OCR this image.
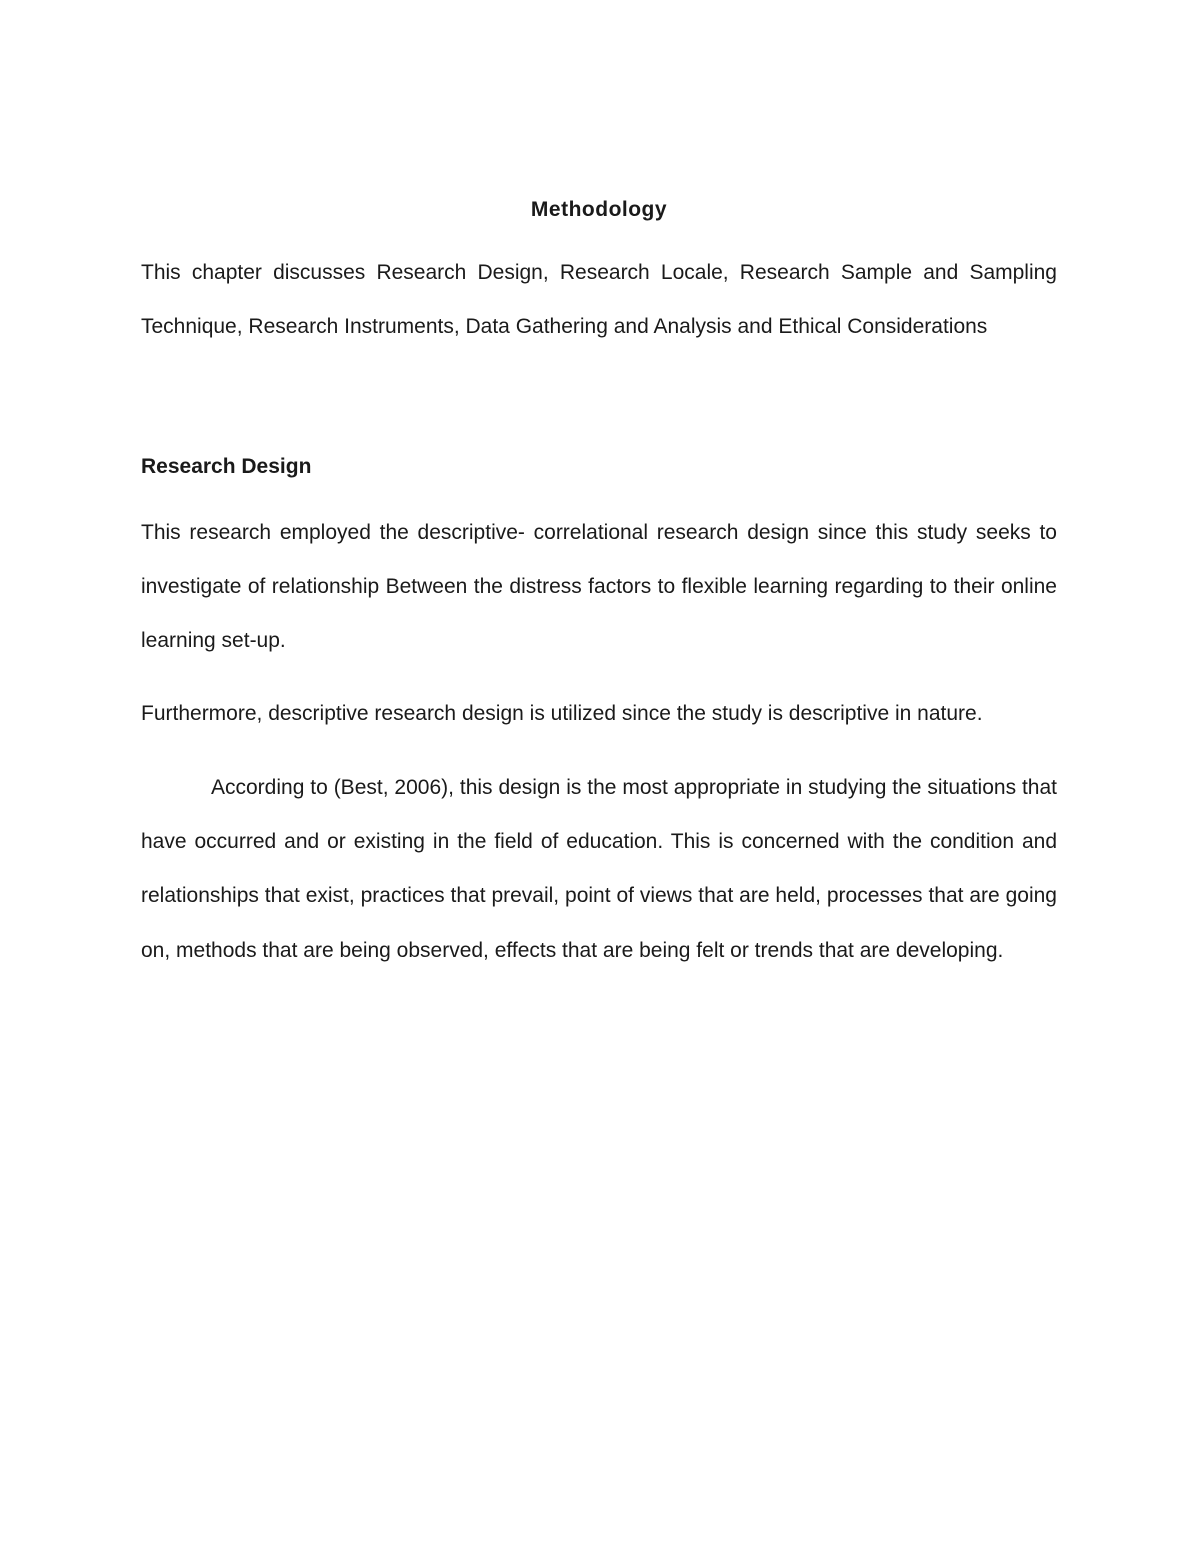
Methodology

This chapter discusses Research Design, Research Locale, Research Sample and Sampling Technique, Research Instruments, Data Gathering and Analysis and Ethical Considerations

Research Design

This research employed the descriptive- correlational research design since this study seeks to investigate of relationship Between the distress factors to flexible learning regarding to their online learning set-up.

Furthermore, descriptive research design is utilized since the study is descriptive in nature.

According to (Best, 2006), this design is the most appropriate in studying the situations that have occurred and or existing in the field of education. This is concerned with the condition and relationships that exist, practices that prevail, point of views that are held, processes that are going on, methods that are being observed, effects that are being felt or trends that are developing.
